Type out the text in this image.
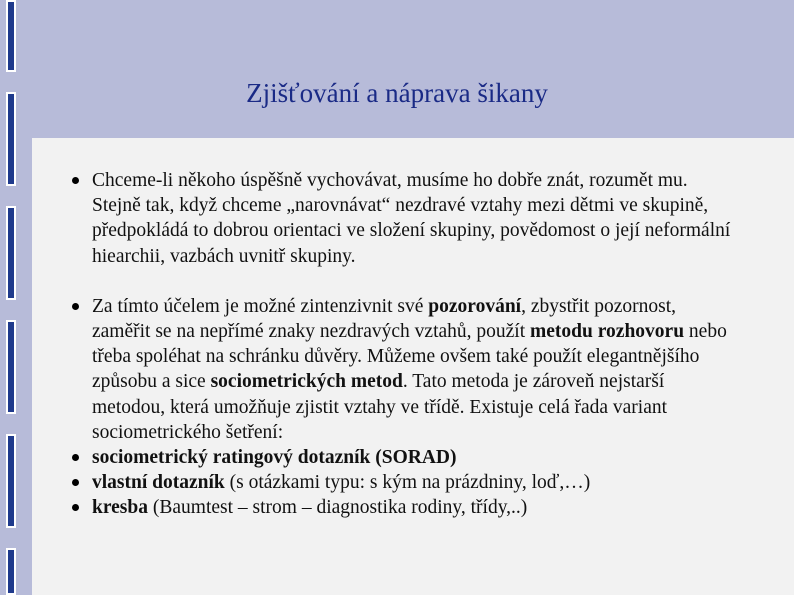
Zjišťování a náprava šikany
Chceme-li někoho úspěšně vychovávat, musíme ho dobře znát, rozumět mu. Stejně tak, když chceme „narovnávat“ nezdravé vztahy mezi dětmi ve skupině, předpokládá to dobrou orientaci ve složení skupiny, povědomost o její neformální hiearchii, vazbách uvnitř skupiny.
Za tímto účelem je možné zintenzivnit své pozorování, zbystřit pozornost, zaměřit se na nepřímé znaky nezdravých vztahů, použít metodu rozhovoru nebo třeba spoléhat na schránku důvěry. Můžeme ovšem také použít elegantnějšího způsobu a sice sociometrických metod. Tato metoda je zároveň nejstarší metodou, která umožňuje zjistit vztahy ve třídě. Existuje celá řada variant sociometrického šetření:
sociometrický ratingový dotazník (SORAD)
vlastní dotazník (s otázkami typu: s kým na prázdniny, loď,…)
kresba (Baumtest – strom – diagnostika rodiny, třídy,..)
